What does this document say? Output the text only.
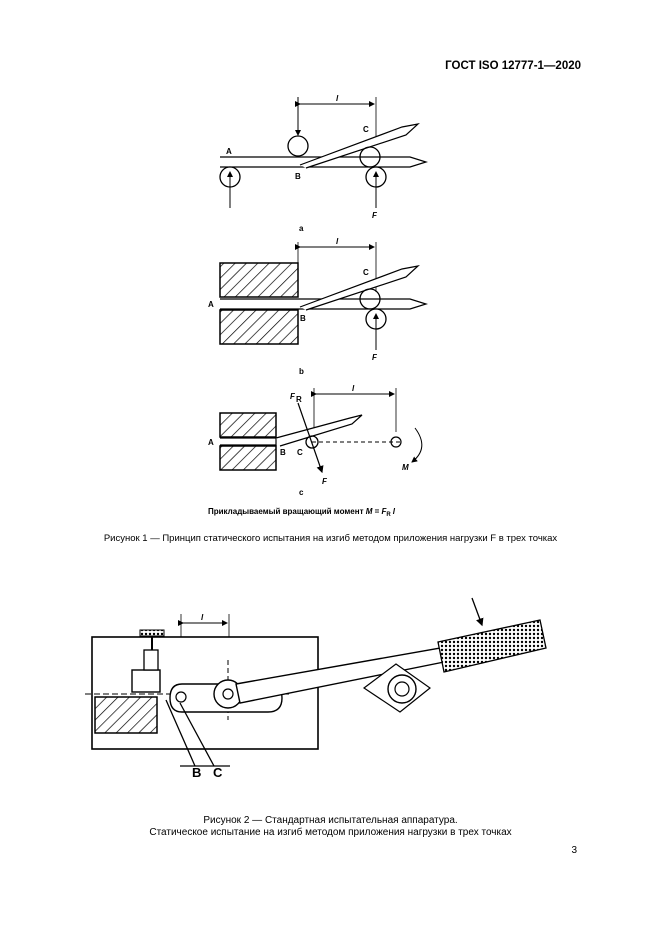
ГОСТ ISO 12777-1—2020
l
A
B
C
F
a
l
A
B
C
F
b
l
A
B C
F R
F
M
c
Прикладываемый вращающий момент $M = F_R$ l
Рисунок 1 — Принцип статического испытания на изгиб методом приложения нагрузки F в трех точках
l
B C
Рисунок 2 — Стандартная испытательная аппаратура.
Статическое испытание на изгиб методом приложения нагрузки в трех точках
3
